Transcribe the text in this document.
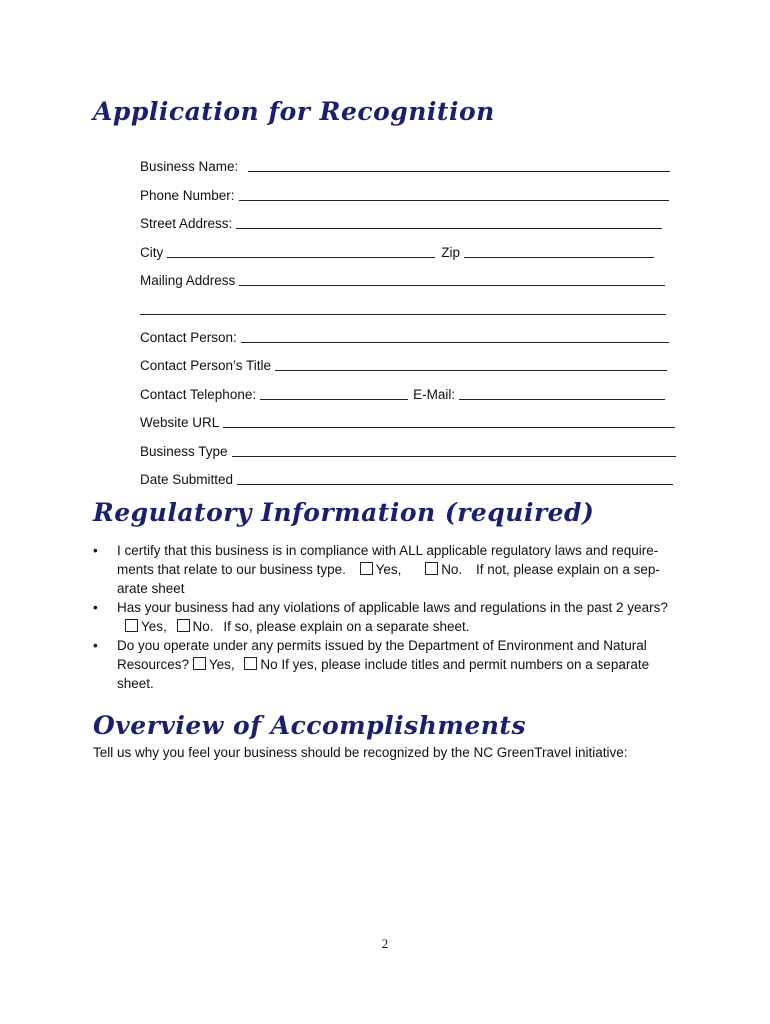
Application for Recognition
Business Name:
Phone Number:
Street Address:
City	Zip
Mailing Address
Contact Person:
Contact Person’s Title
Contact Telephone:	E-Mail:
Website URL
Business Type
Date Submitted
Regulatory Information (required)
• I certify that this business is in compliance with ALL applicable regulatory laws and require-ments that relate to our business type. Yes,	No. If not, please explain on a sep-arate sheet
• Has your business had any violations of applicable laws and regulations in the past 2 years?
Yes, No. If so, please explain on a separate sheet.
• Do you operate under any permits issued by the Department of Environment and Natural Resources? Yes, No If yes, please include titles and permit numbers on a separate sheet.
Overview of Accomplishments
Tell us why you feel your business should be recognized by the NC GreenTravel initiative:
2
